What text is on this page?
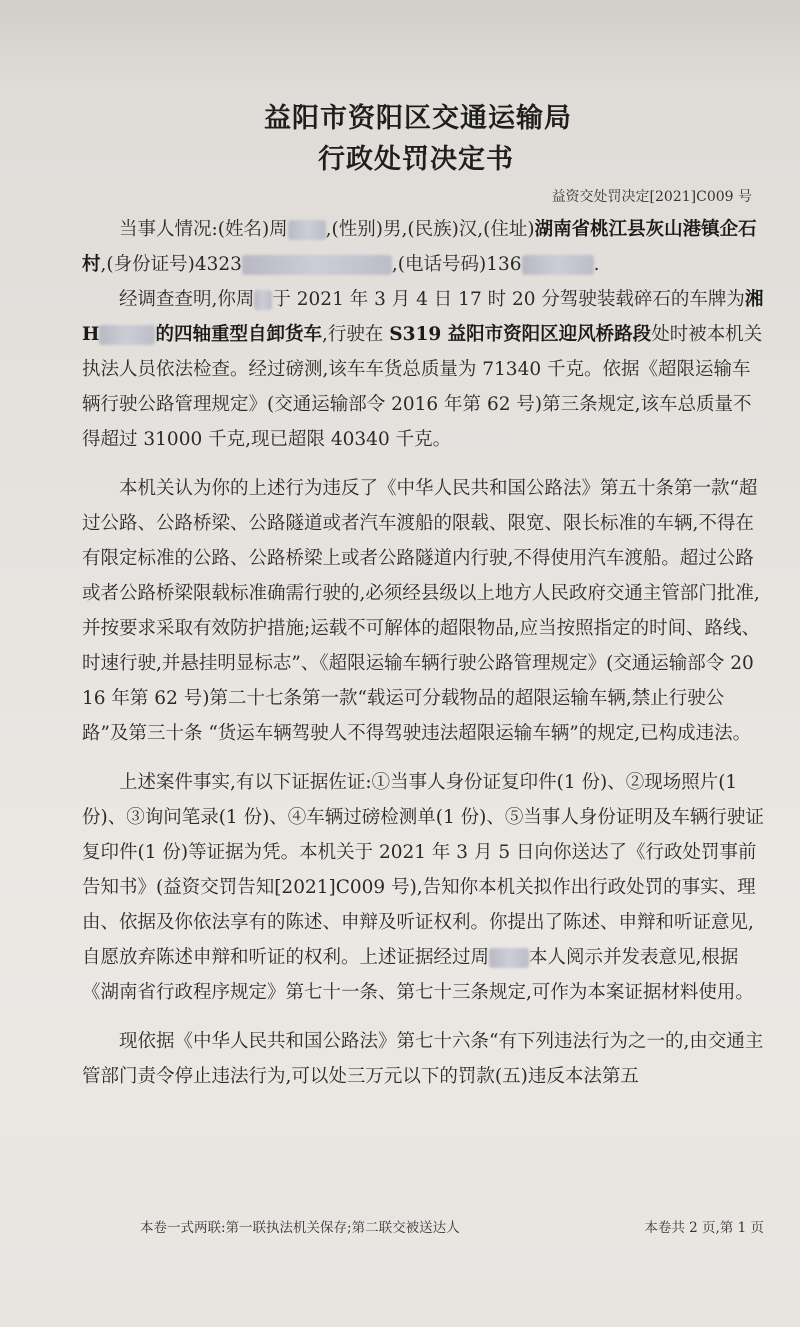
益阳市资阳区交通运输局
行政处罚决定书
益资交处罚决定[2021]C009 号

当事人情况:(姓名)周 ,(性别)男,(民族)汉,(住址)湖南省桃江县灰山港镇企石村,(身份证号)4323	,(电话号码)136	.

经调查查明,你周 于 2021 年 3 月 4 日 17 时 20 分驾驶装载碎石的车牌为湘 H	的四轴重型自卸货车,行驶在 S319 益阳市资阳区迎风桥路段处时被本机关执法人员依法检查。经过磅测,该车车货总质量为 71340 千克。依据《超限运输车辆行驶公路管理规定》(交通运输部令 2016 年第 62 号)第三条规定,该车总质量不得超过 31000 千克,现已超限 40340 千克。

本机关认为你的上述行为违反了《中华人民共和国公路法》第五十条第一款“超过公路、公路桥梁、公路隧道或者汽车渡船的限载、限宽、限长标准的车辆,不得在有限定标准的公路、公路桥梁上或者公路隧道内行驶,不得使用汽车渡船。超过公路或者公路桥梁限载标准确需行驶的,必须经县级以上地方人民政府交通主管部门批准,并按要求采取有效防护措施;运载不可解体的超限物品,应当按照指定的时间、路线、时速行驶,并悬挂明显标志”、《超限运输车辆行驶公路管理规定》(交通运输部令 2016 年第 62 号)第二十七条第一款“载运可分载物品的超限运输车辆,禁止行驶公路”及第三十条 “货运车辆驾驶人不得驾驶违法超限运输车辆”的规定,已构成违法。

上述案件事实,有以下证据佐证:①当事人身份证复印件(1 份)、②现场照片(1 份)、③询问笔录(1 份)、④车辆过磅检测单(1 份)、⑤当事人身份证明及车辆行驶证复印件(1 份)等证据为凭。本机关于 2021 年 3 月 5 日向你送达了《行政处罚事前告知书》(益资交罚告知[2021]C009 号),告知你本机关拟作出行政处罚的事实、理由、依据及你依法享有的陈述、申辩及听证权利。你提出了陈述、申辩和听证意见,自愿放弃陈述申辩和听证的权利。上述证据经过周 本人阅示并发表意见,根据《湖南省行政程序规定》第七十一条、第七十三条规定,可作为本案证据材料使用。

现依据《中华人民共和国公路法》第七十六条“有下列违法行为之一的,由交通主管部门责令停止违法行为,可以处三万元以下的罚款(五)违反本法第五

本卷一式两联:第一联执法机关保存;第二联交被送达人	本卷共 2 页,第 1 页
